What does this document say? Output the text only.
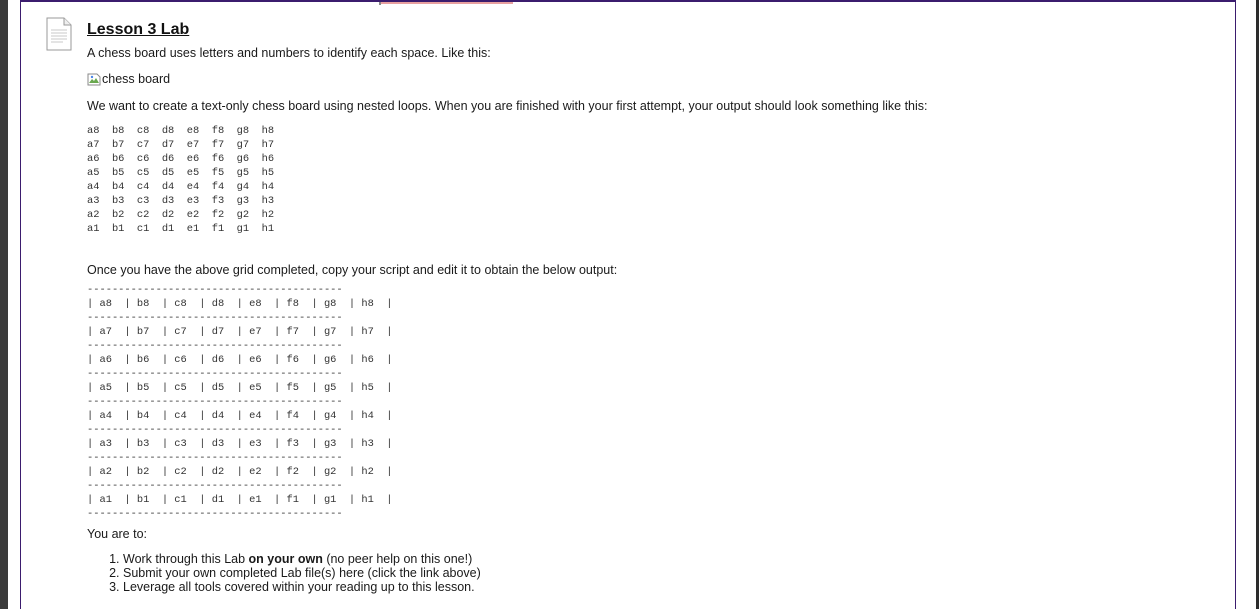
Lesson 3 Lab

A chess board uses letters and numbers to identify each space. Like this:

chess board

We want to create a text-only chess board using nested loops. When you are finished with your first attempt, your output should look something like this:

a8  b8  c8  d8  e8  f8  g8  h8
a7  b7  c7  d7  e7  f7  g7  h7
a6  b6  c6  d6  e6  f6  g6  h6
a5  b5  c5  d5  e5  f5  g5  h5
a4  b4  c4  d4  e4  f4  g4  h4
a3  b3  c3  d3  e3  f3  g3  h3
a2  b2  c2  d2  e2  f2  g2  h2
a1  b1  c1  d1  e1  f1  g1  h1

Once you have the above grid completed, copy your script and edit it to obtain the below output:

-----------------------------------------
| a8  | b8  | c8  | d8  | e8  | f8  | g8  | h8  |
-----------------------------------------
| a7  | b7  | c7  | d7  | e7  | f7  | g7  | h7  |
-----------------------------------------
| a6  | b6  | c6  | d6  | e6  | f6  | g6  | h6  |
-----------------------------------------
| a5  | b5  | c5  | d5  | e5  | f5  | g5  | h5  |
-----------------------------------------
| a4  | b4  | c4  | d4  | e4  | f4  | g4  | h4  |
-----------------------------------------
| a3  | b3  | c3  | d3  | e3  | f3  | g3  | h3  |
-----------------------------------------
| a2  | b2  | c2  | d2  | e2  | f2  | g2  | h2  |
-----------------------------------------
| a1  | b1  | c1  | d1  | e1  | f1  | g1  | h1  |
-----------------------------------------

You are to:

1. Work through this Lab on your own (no peer help on this one!)
2. Submit your own completed Lab file(s) here (click the link above)
3. Leverage all tools covered within your reading up to this lesson.
